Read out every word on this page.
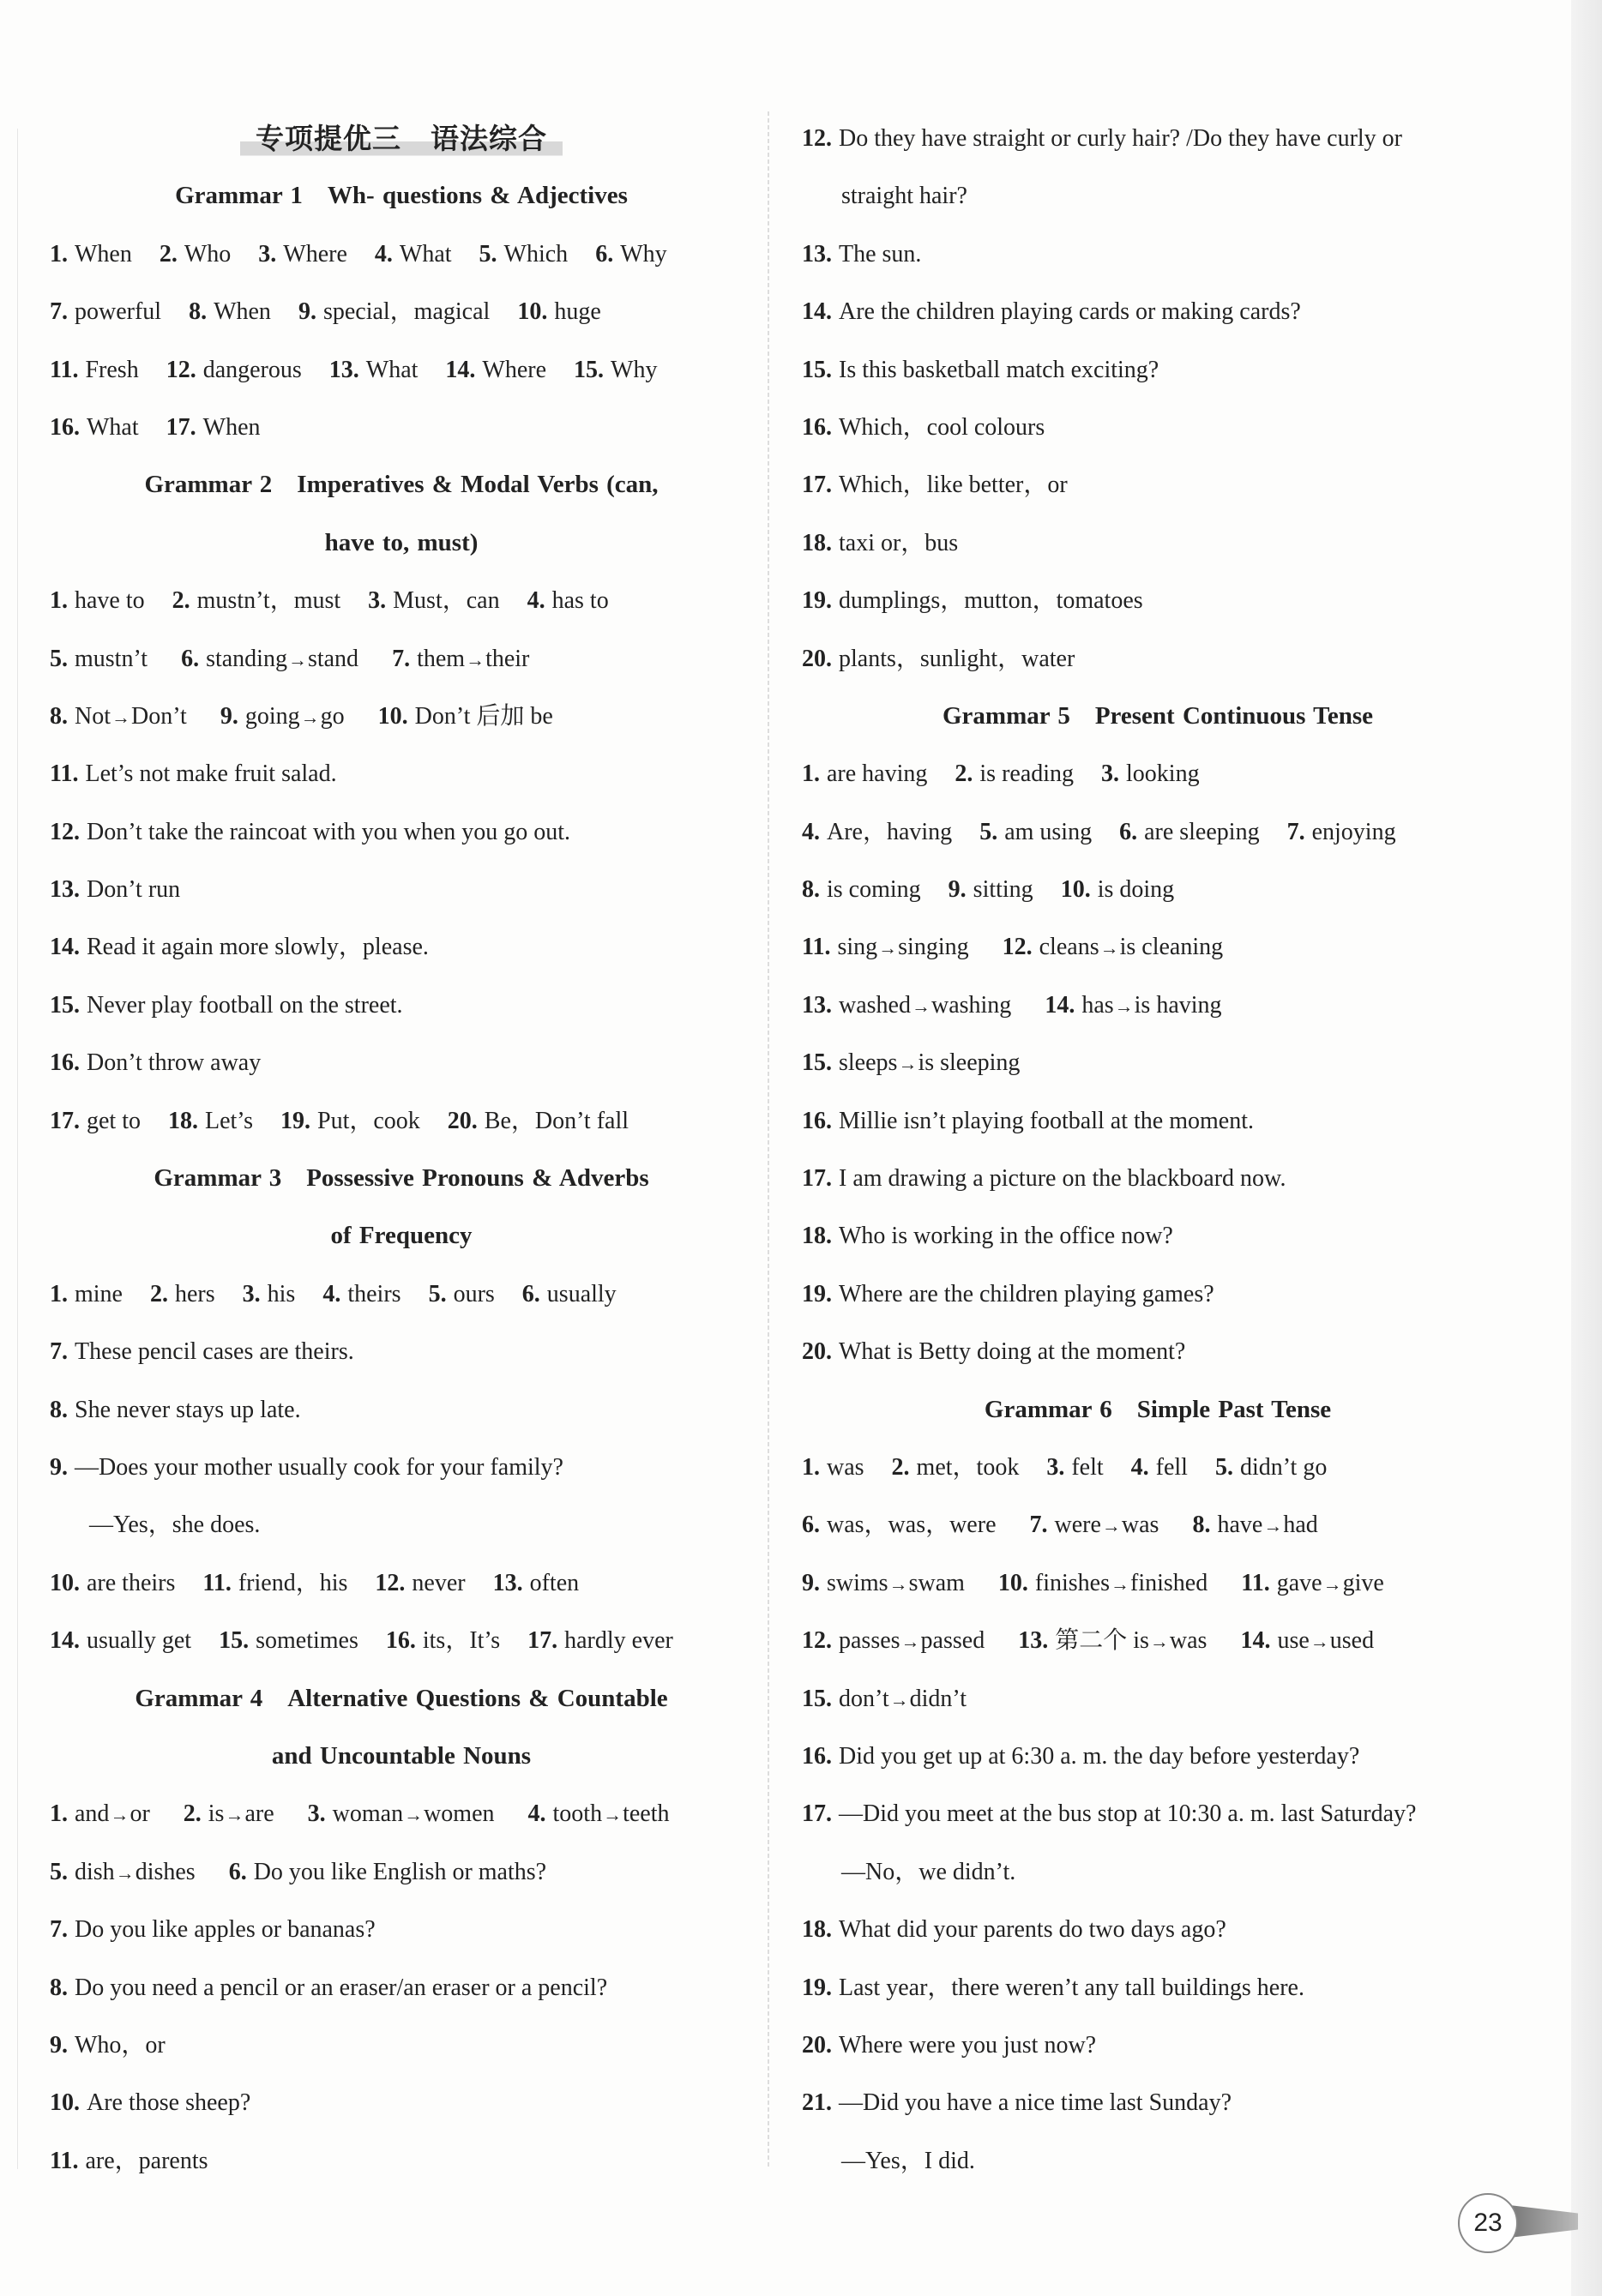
专项提优三　语法综合
Grammar 1　Wh- questions & Adjectives
1. When 2. Who 3. Where 4. What 5. Which 6. Why
7. powerful 8. When 9. special，magical 10. huge
11. Fresh 12. dangerous 13. What 14. Where 15. Why
16. What 17. When
Grammar 2　Imperatives & Modal Verbs (can,
have to, must)
1. have to 2. mustn’t，must 3. Must，can 4. has to
5. mustn’t 6. standing→stand 7. them→their
8. Not→Don’t 9. going→go 10. Don’t 后加 be
11. Let’s not make fruit salad.
12. Don’t take the raincoat with you when you go out.
13. Don’t run
14. Read it again more slowly，please.
15. Never play football on the street.
16. Don’t throw away
17. get to 18. Let’s 19. Put，cook 20. Be，Don’t fall
Grammar 3　Possessive Pronouns & Adverbs
of Frequency
1. mine 2. hers 3. his 4. theirs 5. ours 6. usually
7. These pencil cases are theirs.
8. She never stays up late.
9. —Does your mother usually cook for your family?
—Yes，she does.
10. are theirs 11. friend，his 12. never 13. often
14. usually get 15. sometimes 16. its，It’s 17. hardly ever
Grammar 4　Alternative Questions & Countable
and Uncountable Nouns
1. and→or 2. is→are 3. woman→women 4. tooth→teeth
5. dish→dishes 6. Do you like English or maths?
7. Do you like apples or bananas?
8. Do you need a pencil or an eraser/an eraser or a pencil?
9. Who，or
10. Are those sheep?
11. are，parents
12. Do they have straight or curly hair? /Do they have curly or
straight hair?
13. The sun.
14. Are the children playing cards or making cards?
15. Is this basketball match exciting?
16. Which，cool colours
17. Which，like better，or
18. taxi or，bus
19. dumplings，mutton，tomatoes
20. plants，sunlight，water
Grammar 5　Present Continuous Tense
1. are having 2. is reading 3. looking
4. Are，having 5. am using 6. are sleeping 7. enjoying
8. is coming 9. sitting 10. is doing
11. sing→singing 12. cleans→is cleaning
13. washed→washing 14. has→is having
15. sleeps→is sleeping
16. Millie isn’t playing football at the moment.
17. I am drawing a picture on the blackboard now.
18. Who is working in the office now?
19. Where are the children playing games?
20. What is Betty doing at the moment?
Grammar 6　Simple Past Tense
1. was 2. met，took 3. felt 4. fell 5. didn’t go
6. was，was，were 7. were→was 8. have→had
9. swims→swam 10. finishes→finished 11. gave→give
12. passes→passed 13. 第二个 is→was 14. use→used
15. don’t→didn’t
16. Did you get up at 6:30 a. m. the day before yesterday?
17. —Did you meet at the bus stop at 10:30 a. m. last Saturday?
—No，we didn’t.
18. What did your parents do two days ago?
19. Last year，there weren’t any tall buildings here.
20. Where were you just now?
21. —Did you have a nice time last Sunday?
—Yes，I did.
23
